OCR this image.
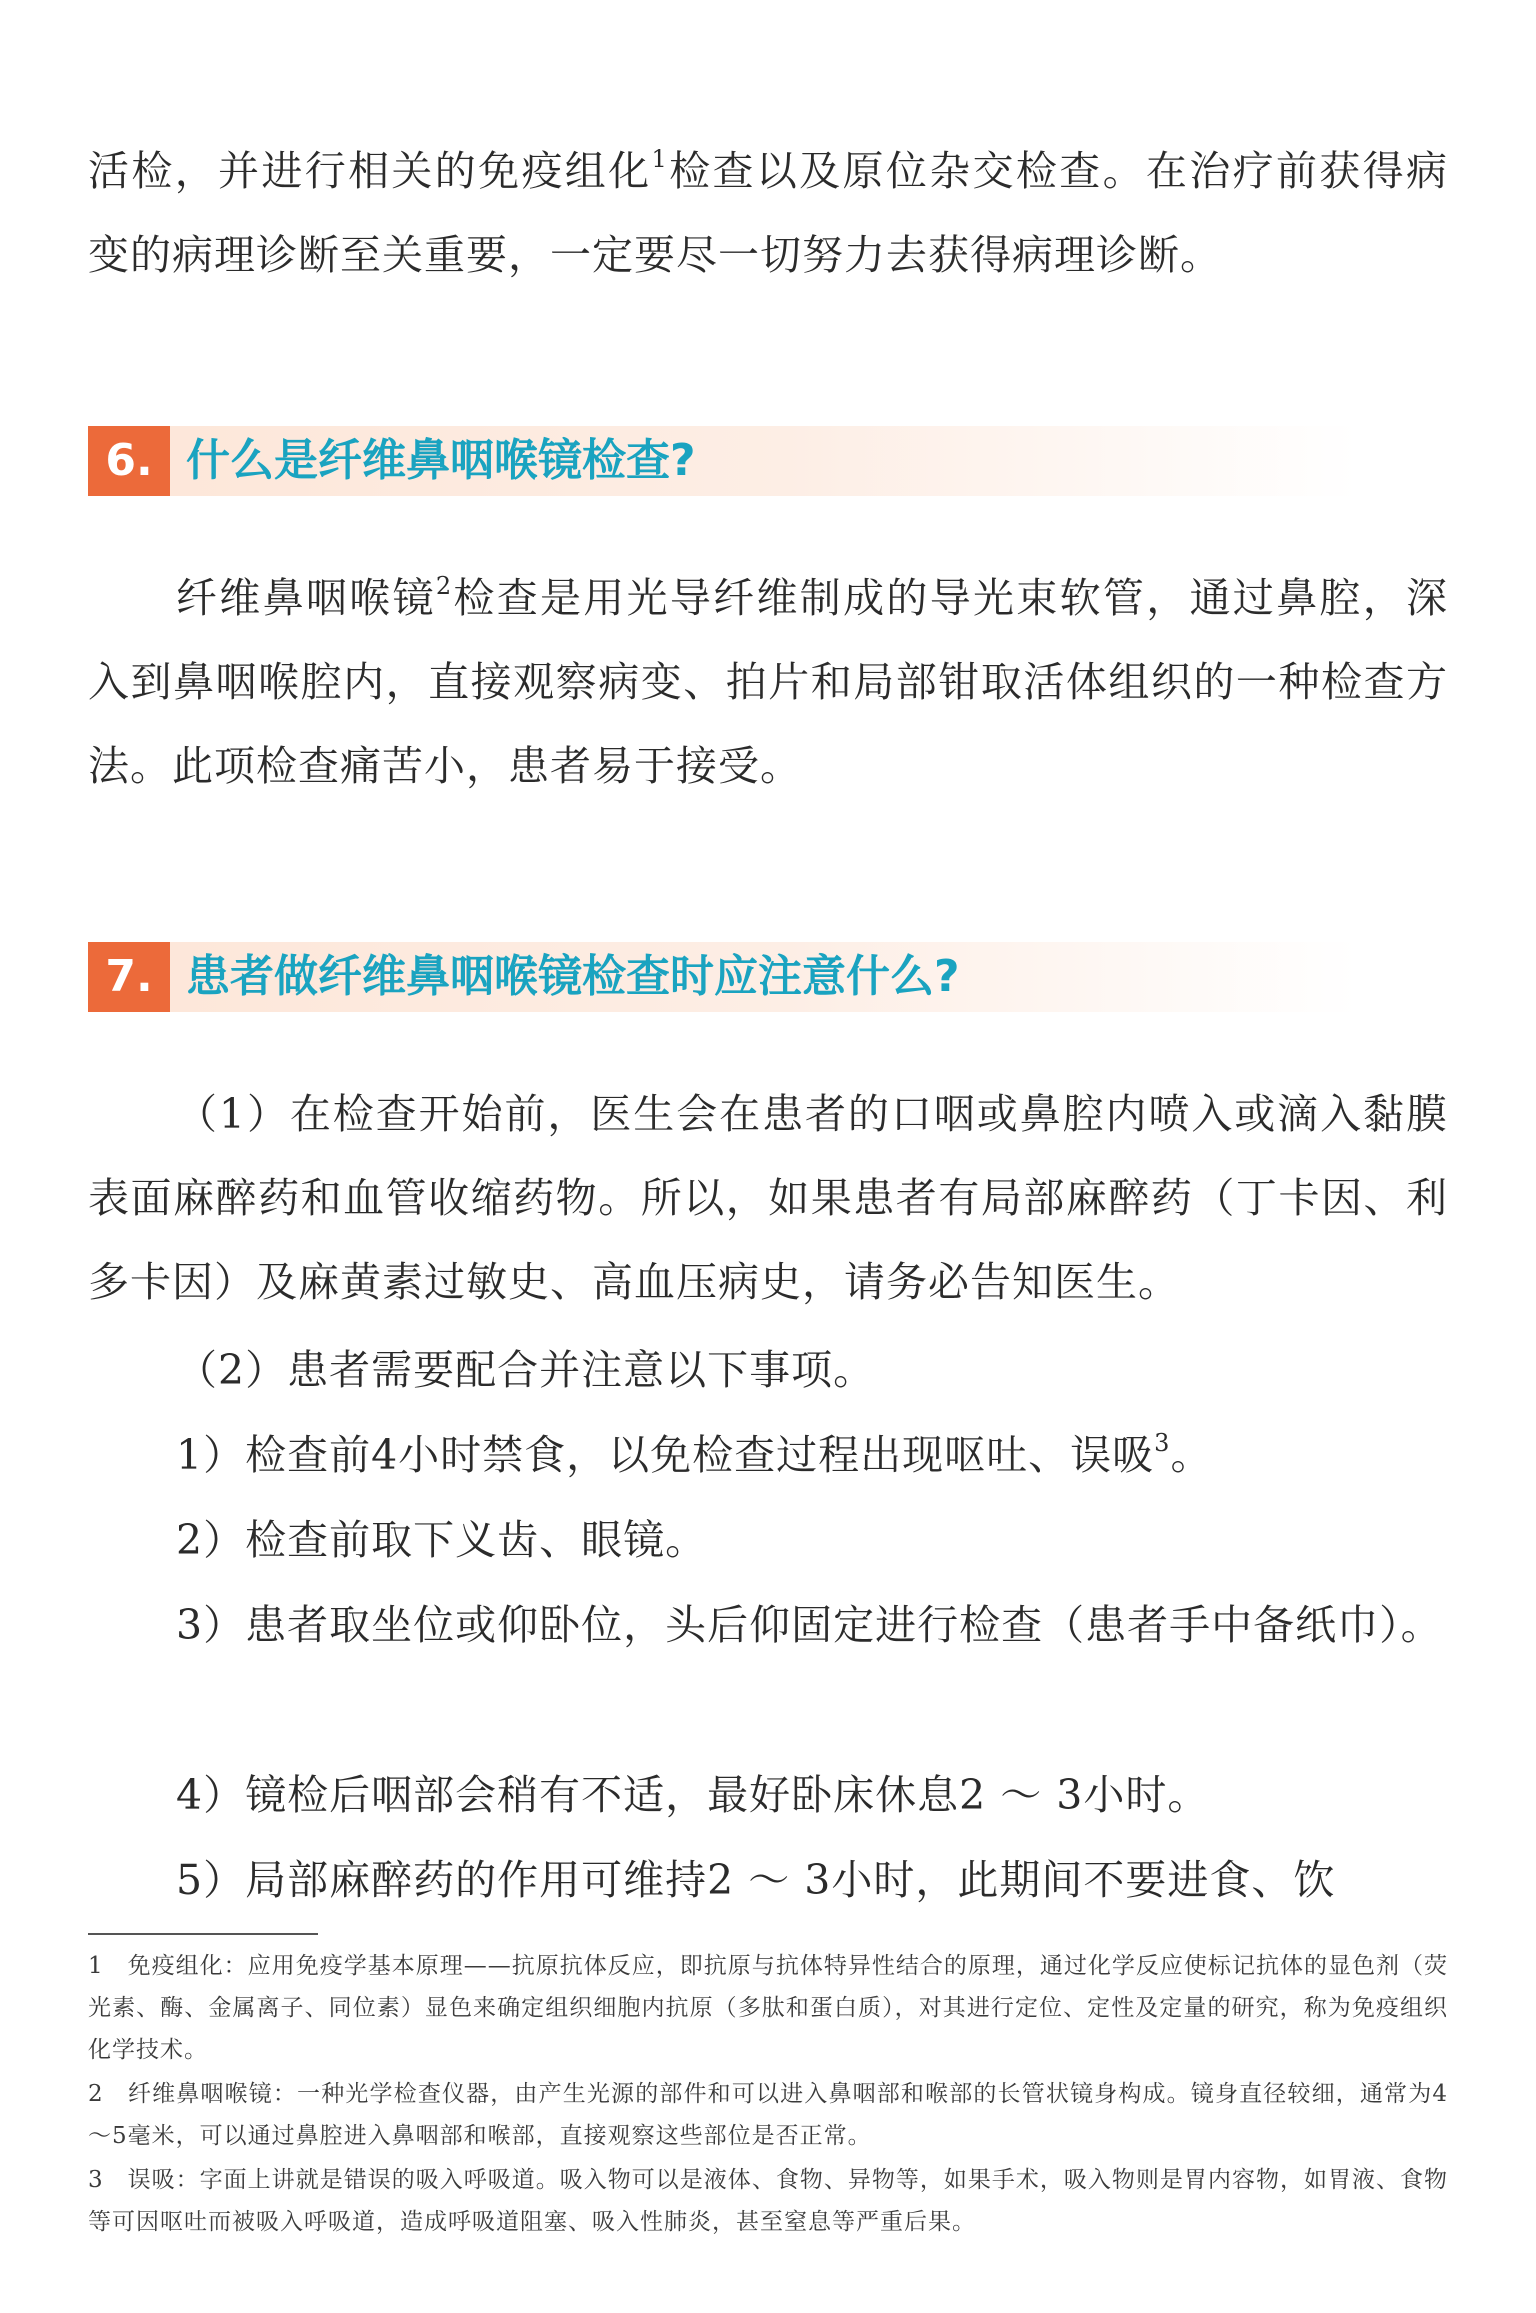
活检，并进行相关的免疫组化$^1$检查以及原位杂交检查。在治疗前获得病变的病理诊断至关重要，一定要尽一切努力去获得病理诊断。

6. 什么是纤维鼻咽喉镜检查?

纤维鼻咽喉镜$^2$检查是用光导纤维制成的导光束软管，通过鼻腔，深入到鼻咽喉腔内，直接观察病变、拍片和局部钳取活体组织的一种检查方法。此项检查痛苦小，患者易于接受。

7. 患者做纤维鼻咽喉镜检查时应注意什么?

（1）在检查开始前，医生会在患者的口咽或鼻腔内喷入或滴入黏膜表面麻醉药和血管收缩药物。所以，如果患者有局部麻醉药（丁卡因、利多卡因）及麻黄素过敏史、高血压病史，请务必告知医生。

（2）患者需要配合并注意以下事项。

1）检查前4小时禁食，以免检查过程出现呕吐、误吸$^3$。

2）检查前取下义齿、眼镜。

3）患者取坐位或仰卧位，头后仰固定进行检查（患者手中备纸巾）。

4）镜检后咽部会稍有不适，最好卧床休息2 ～ 3小时。

5）局部麻醉药的作用可维持2 ～ 3小时，此期间不要进食、饮

1　免疫组化：应用免疫学基本原理——抗原抗体反应，即抗原与抗体特异性结合的原理，通过化学反应使标记抗体的显色剂（荧光素、酶、金属离子、同位素）显色来确定组织细胞内抗原（多肽和蛋白质），对其进行定位、定性及定量的研究，称为免疫组织化学技术。

2　纤维鼻咽喉镜：一种光学检查仪器，由产生光源的部件和可以进入鼻咽部和喉部的长管状镜身构成。镜身直径较细，通常为4～5毫米，可以通过鼻腔进入鼻咽部和喉部，直接观察这些部位是否正常。

3　误吸：字面上讲就是错误的吸入呼吸道。吸入物可以是液体、食物、异物等，如果手术，吸入物则是胃内容物，如胃液、食物等可因呕吐而被吸入呼吸道，造成呼吸道阻塞、吸入性肺炎，甚至窒息等严重后果。
